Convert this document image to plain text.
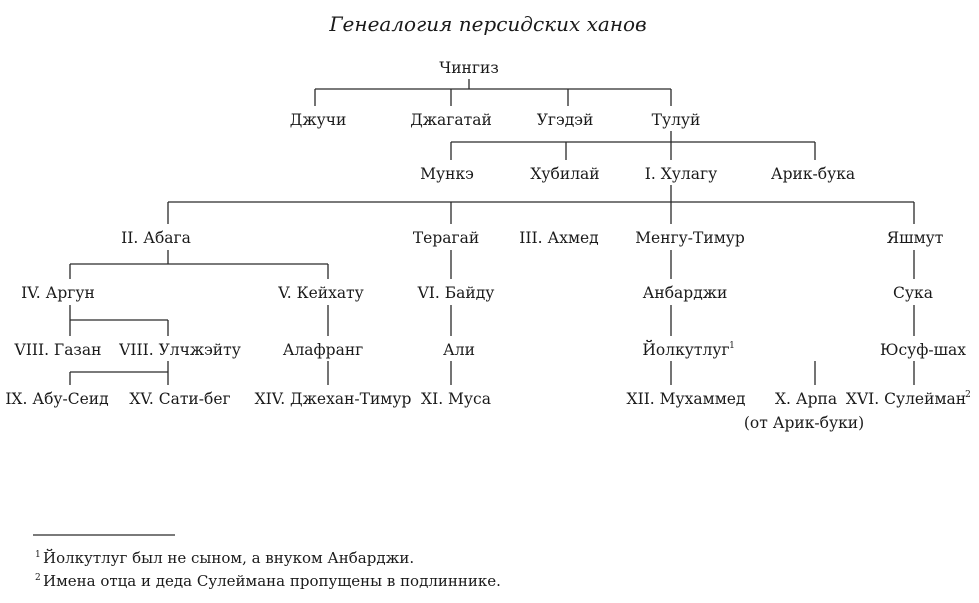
Генеалогия персидских ханов
Чингиз
Джучи	Джагатай	Угэдэй	Тулуй
Мункэ	Хубилай	I. Хулагу	Арик-бука
II. Абага	Терагай	III. Ахмед Менгу-Тимур	Яшмут
IV. Аргун	V. Кейхату	VI. Байду	Анбарджи	Сука
VIII. Газан VIII. Улчжэйту	Алафранг	Али	Йолкутлуг 1	Юсуф-шах
IX. Абу-Сеид XV. Сати-бег XIV. Джехан-Тимур XI. Муса	XII. Мухаммед Х. Арпа
(от Арик-буки)
XVI. Сулейман 2
1 Йолкутлуг был не сыном, а внуком Анбарджи.
2 Имена отца и деда Сулеймана пропущены в подлиннике.
